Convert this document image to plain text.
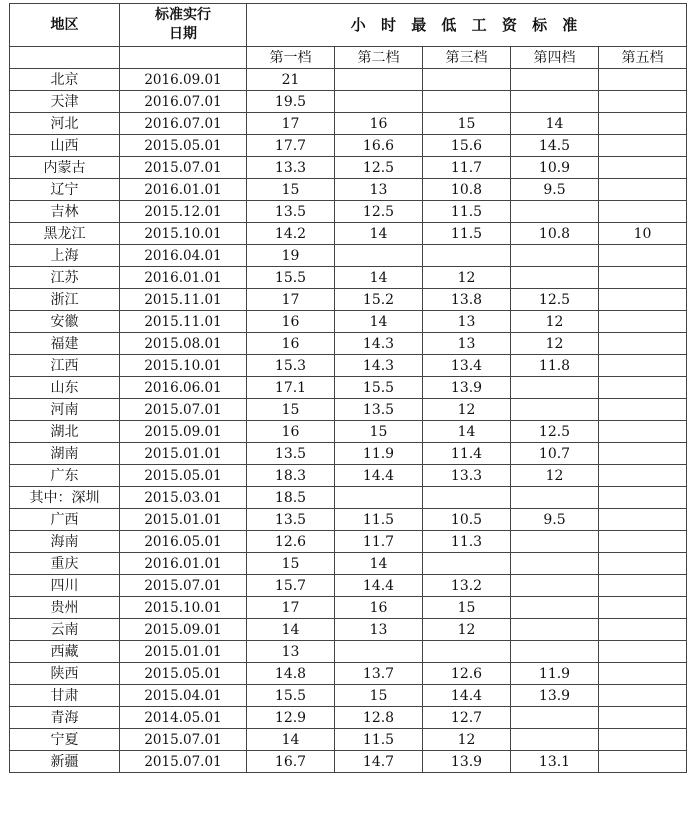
地区	标准实行日期	小 时 最 低 工 资 标 准				
		第一档	第二档	第三档	第四档	第五档
北京	2016.09.01	21				
天津	2016.07.01	19.5				
河北	2016.07.01	17	16	15	14	
山西	2015.05.01	17.7	16.6	15.6	14.5	
内蒙古	2015.07.01	13.3	12.5	11.7	10.9	
辽宁	2016.01.01	15	13	10.8	9.5	
吉林	2015.12.01	13.5	12.5	11.5		
黑龙江	2015.10.01	14.2	14	11.5	10.8	10
上海	2016.04.01	19				
江苏	2016.01.01	15.5	14	12		
浙江	2015.11.01	17	15.2	13.8	12.5	
安徽	2015.11.01	16	14	13	12	
福建	2015.08.01	16	14.3	13	12	
江西	2015.10.01	15.3	14.3	13.4	11.8	
山东	2016.06.01	17.1	15.5	13.9		
河南	2015.07.01	15	13.5	12		
湖北	2015.09.01	16	15	14	12.5	
湖南	2015.01.01	13.5	11.9	11.4	10.7	
广东	2015.05.01	18.3	14.4	13.3	12	
其中：深圳	2015.03.01	18.5				
广西	2015.01.01	13.5	11.5	10.5	9.5	
海南	2016.05.01	12.6	11.7	11.3		
重庆	2016.01.01	15	14			
四川	2015.07.01	15.7	14.4	13.2		
贵州	2015.10.01	17	16	15		
云南	2015.09.01	14	13	12		
西藏	2015.01.01	13				
陕西	2015.05.01	14.8	13.7	12.6	11.9	
甘肃	2015.04.01	15.5	15	14.4	13.9	
青海	2014.05.01	12.9	12.8	12.7		
宁夏	2015.07.01	14	11.5	12		
新疆	2015.07.01	16.7	14.7	13.9	13.1	
